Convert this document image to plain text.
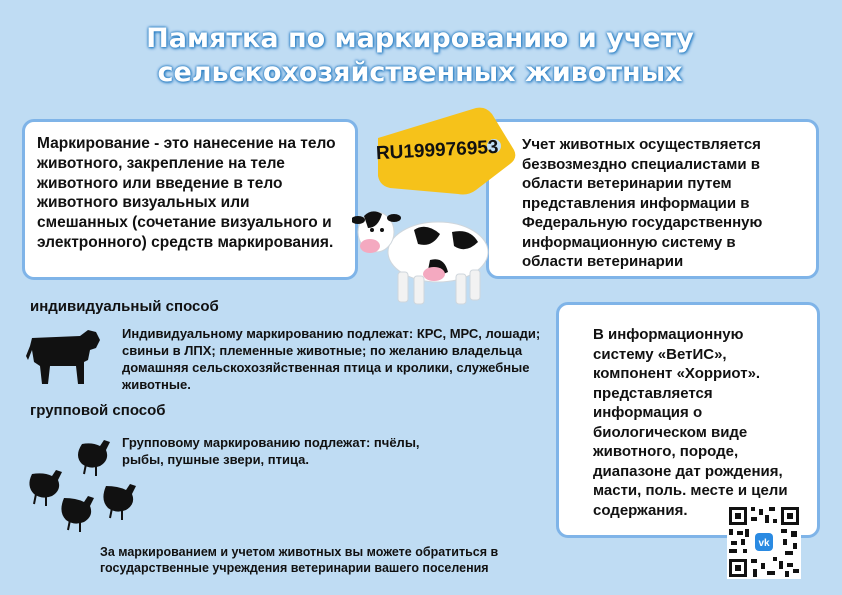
Памятка по маркированию и учету
сельскохозяйственных животных

Маркирование - это нанесение на тело животного, закрепление на теле животного или введение в тело животного визуальных или смешанных (сочетание визуального и электронного) средств маркирования.

Учет животных осуществляется безвозмездно специалистами в области ветеринарии путем представления информации в Федеральную государственную информационную систему в области ветеринарии

RU199976953
индивидуальный способ
Индивидуальному маркированию подлежат: КРС, МРС, лошади; свиньи в ЛПХ; племенные животные; по желанию владельца домашняя сельскохозяйственная птица и кролики, служебные животные.
групповой способ
Групповому маркированию подлежат: пчёлы, рыбы, пушные звери, птица.

В информационную систему «ВетИС», компонент «Хорриот». представляется информация о биологическом виде животного, породе, диапазоне дат рождения, масти, поль. месте и цели содержания.

За маркированием и учетом животных вы можете обратиться в государственные учреждения ветеринарии вашего поселения
vk
